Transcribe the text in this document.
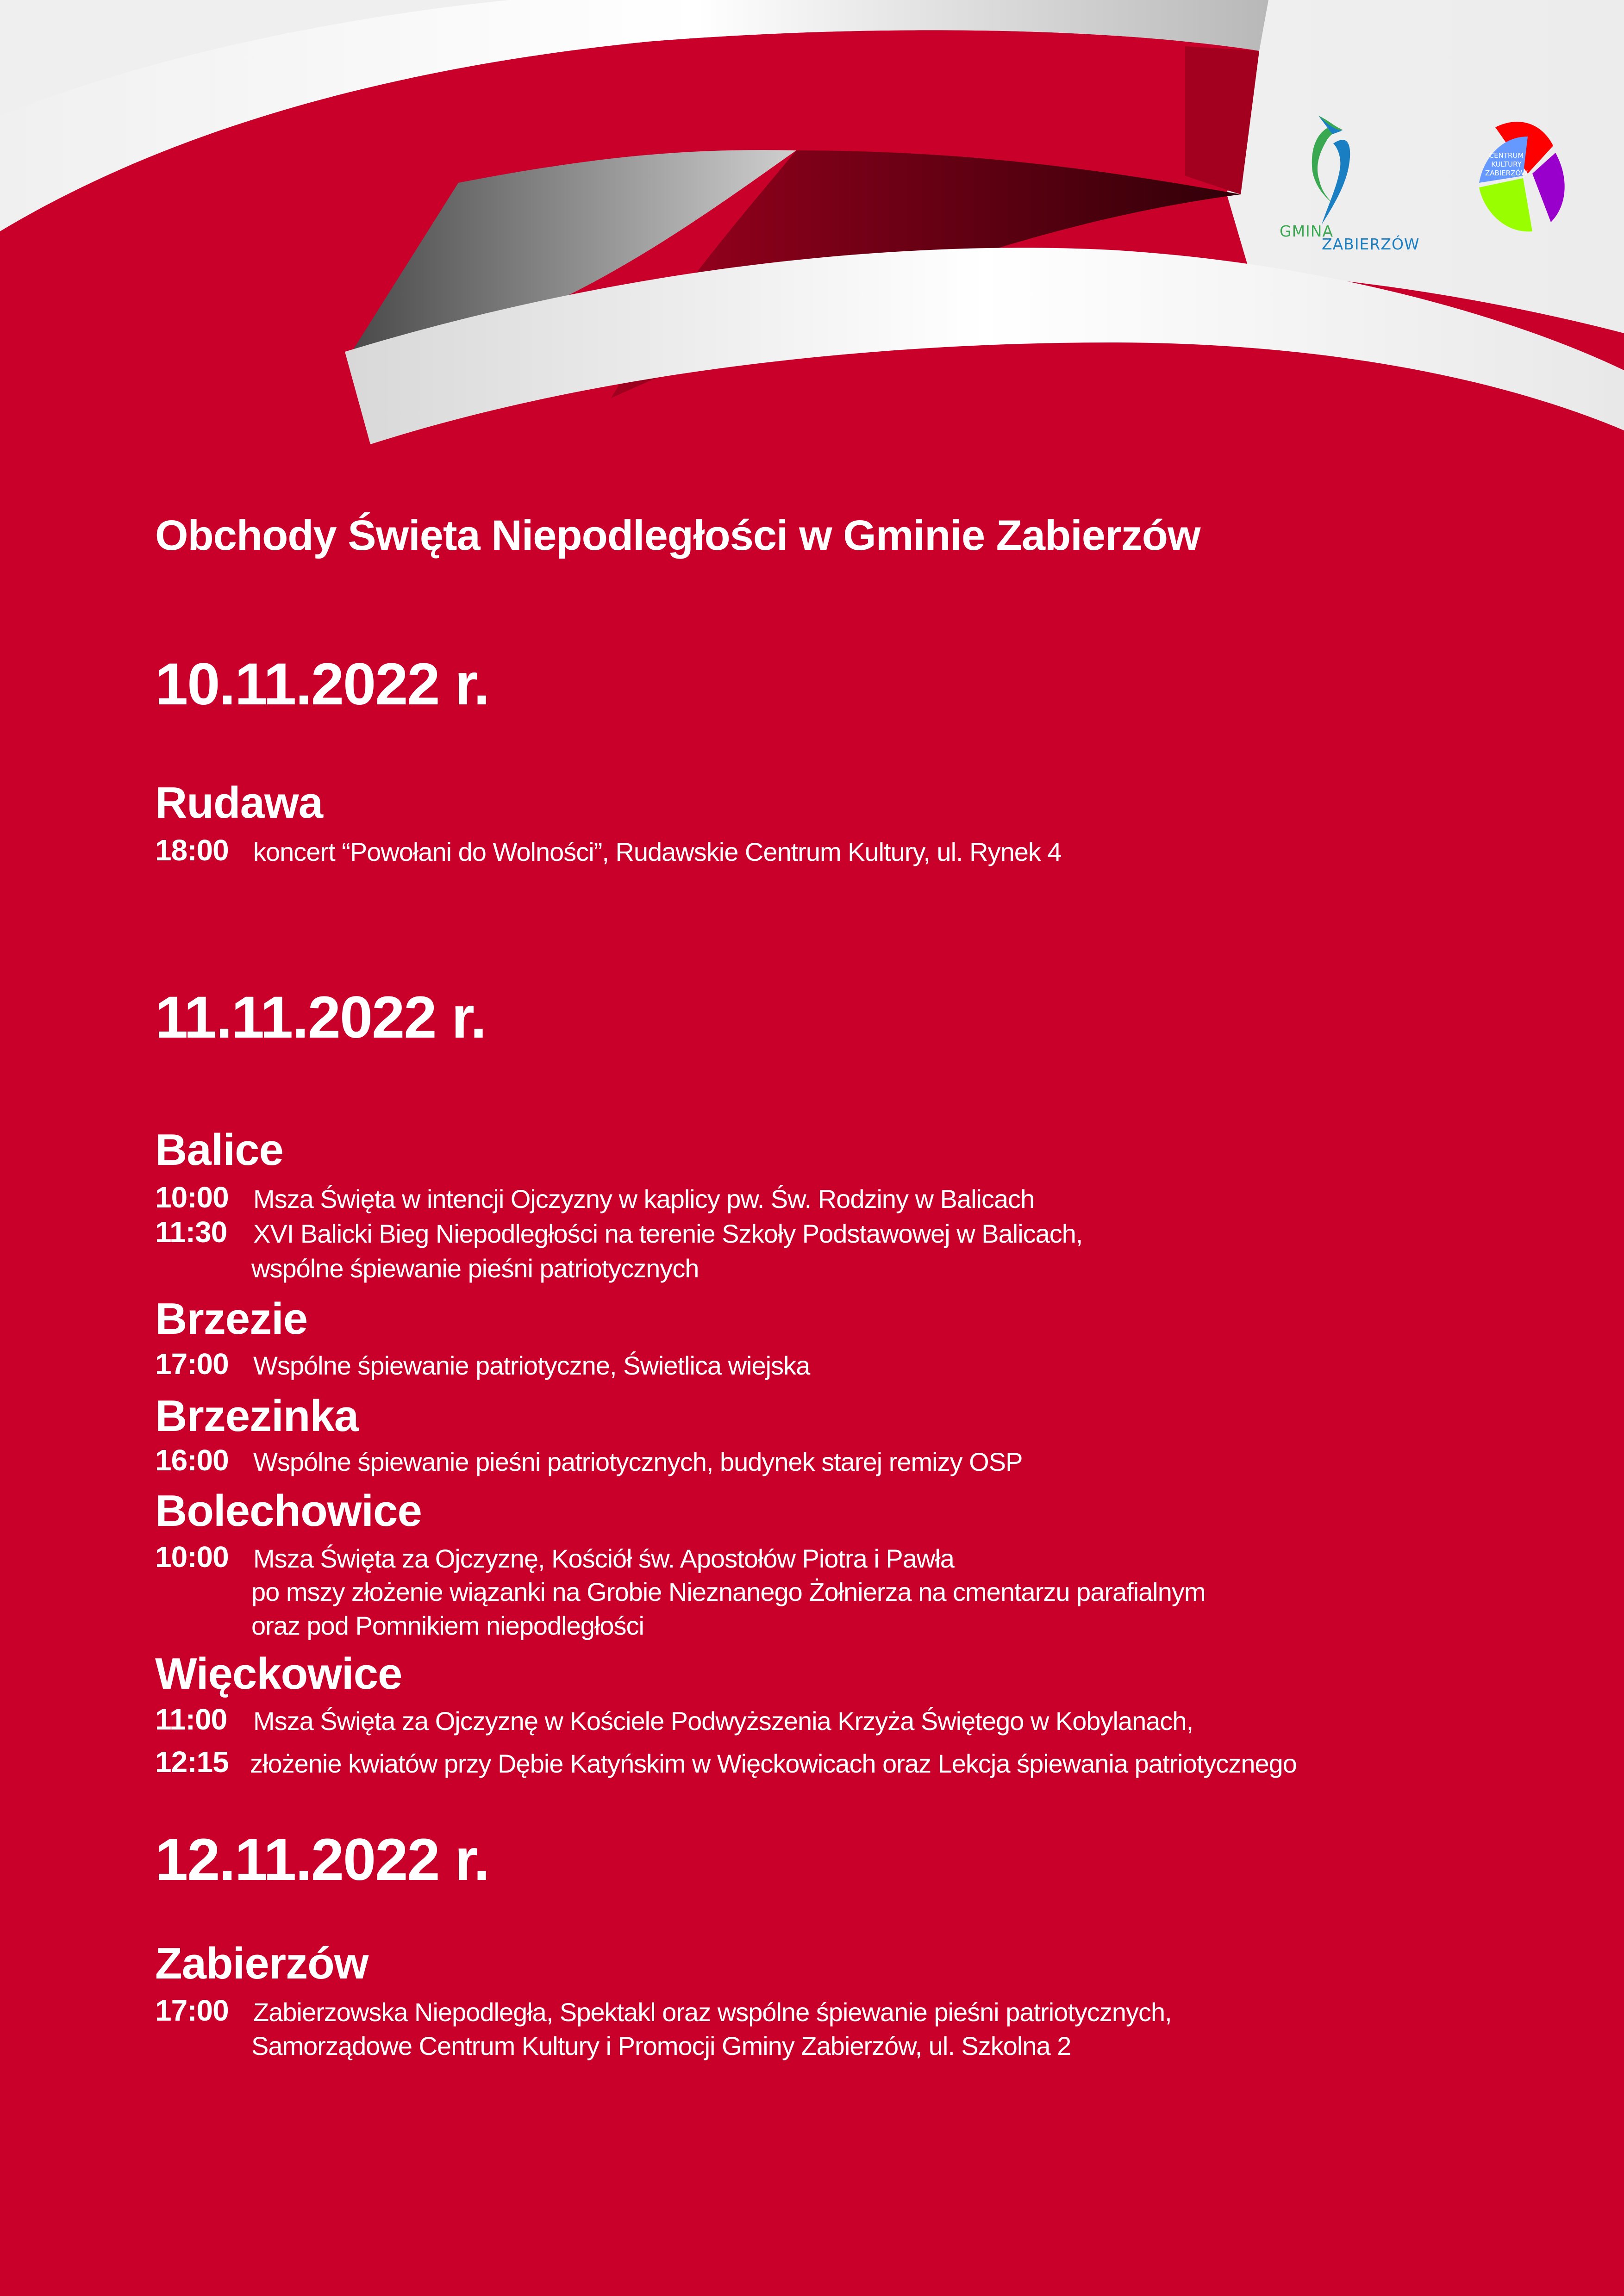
GMINA
ZABIERZÓW
CENTRUM
KULTURY
ZABIERZÓW
Obchody Święta Niepodległości w Gminie Zabierzów
10.11.2022 r.
Rudawa
18:00 koncert “Powołani do Wolności”, Rudawskie Centrum Kultury, ul. Rynek 4
11.11.2022 r.
Balice
10:00 Msza Święta w intencji Ojczyzny w kaplicy pw. Św. Rodziny w Balicach
11:30 XVI Balicki Bieg Niepodległości na terenie Szkoły Podstawowej w Balicach,
wspólne śpiewanie pieśni patriotycznych
Brzezie
17:00 Wspólne śpiewanie patriotyczne, Świetlica wiejska
Brzezinka
16:00 Wspólne śpiewanie pieśni patriotycznych, budynek starej remizy OSP
Bolechowice
10:00 Msza Święta za Ojczyznę, Kościół św. Apostołów Piotra i Pawła
po mszy złożenie wiązanki na Grobie Nieznanego Żołnierza na cmentarzu parafialnym
oraz pod Pomnikiem niepodległości
Więckowice
11:00 Msza Święta za Ojczyznę w Kościele Podwyższenia Krzyża Świętego w Kobylanach,
12:15 złożenie kwiatów przy Dębie Katyńskim w Więckowicach oraz Lekcja śpiewania patriotycznego
12.11.2022 r.
Zabierzów
17:00 Zabierzowska Niepodległa, Spektakl oraz wspólne śpiewanie pieśni patriotycznych,
Samorządowe Centrum Kultury i Promocji Gminy Zabierzów, ul. Szkolna 2
